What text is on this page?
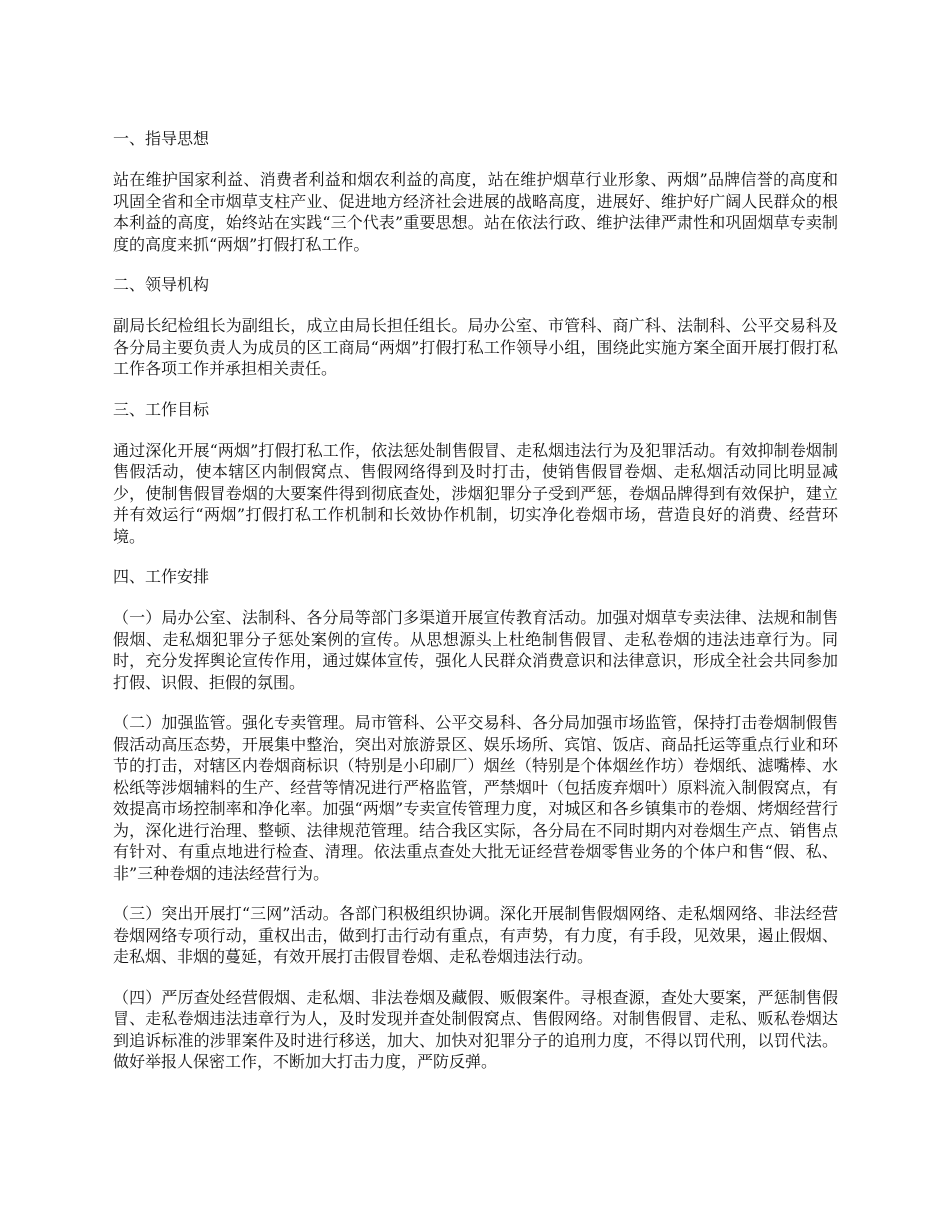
一、指导思想
站在维护国家利益、消费者利益和烟农利益的高度，站在维护烟草行业形象、两烟”品牌信誉的高度和巩固全省和全市烟草支柱产业、促进地方经济社会进展的战略高度，进展好、维护好广阔人民群众的根本利益的高度，始终站在实践“三个代表”重要思想。站在依法行政、维护法律严肃性和巩固烟草专卖制度的高度来抓“两烟”打假打私工作。
二、领导机构
副局长纪检组长为副组长，成立由局长担任组长。局办公室、市管科、商广科、法制科、公平交易科及各分局主要负责人为成员的区工商局“两烟”打假打私工作领导小组，围绕此实施方案全面开展打假打私工作各项工作并承担相关责任。
三、工作目标
通过深化开展“两烟”打假打私工作，依法惩处制售假冒、走私烟违法行为及犯罪活动。有效抑制卷烟制售假活动，使本辖区内制假窝点、售假网络得到及时打击，使销售假冒卷烟、走私烟活动同比明显减少，使制售假冒卷烟的大要案件得到彻底查处，涉烟犯罪分子受到严惩，卷烟品牌得到有效保护，建立并有效运行“两烟”打假打私工作机制和长效协作机制，切实净化卷烟市场，营造良好的消费、经营环境。
四、工作安排
（一）局办公室、法制科、各分局等部门多渠道开展宣传教育活动。加强对烟草专卖法律、法规和制售假烟、走私烟犯罪分子惩处案例的宣传。从思想源头上杜绝制售假冒、走私卷烟的违法违章行为。同时，充分发挥舆论宣传作用，通过媒体宣传，强化人民群众消费意识和法律意识，形成全社会共同参加打假、识假、拒假的氛围。
（二）加强监管。强化专卖管理。局市管科、公平交易科、各分局加强市场监管，保持打击卷烟制假售假活动高压态势，开展集中整治，突出对旅游景区、娱乐场所、宾馆、饭店、商品托运等重点行业和环节的打击，对辖区内卷烟商标识（特别是小印刷厂）烟丝（特别是个体烟丝作坊）卷烟纸、滤嘴棒、水松纸等涉烟辅料的生产、经营等情况进行严格监管，严禁烟叶（包括废弃烟叶）原料流入制假窝点，有效提高市场控制率和净化率。加强“两烟”专卖宣传管理力度，对城区和各乡镇集市的卷烟、烤烟经营行为，深化进行治理、整顿、法律规范管理。结合我区实际，各分局在不同时期内对卷烟生产点、销售点有针对、有重点地进行检查、清理。依法重点查处大批无证经营卷烟零售业务的个体户和售“假、私、非”三种卷烟的违法经营行为。
（三）突出开展打“三网”活动。各部门积极组织协调。深化开展制售假烟网络、走私烟网络、非法经营卷烟网络专项行动，重权出击，做到打击行动有重点，有声势，有力度，有手段，见效果，遏止假烟、走私烟、非烟的蔓延，有效开展打击假冒卷烟、走私卷烟违法行动。
（四）严厉查处经营假烟、走私烟、非法卷烟及藏假、贩假案件。寻根查源，查处大要案，严惩制售假冒、走私卷烟违法违章行为人，及时发现并查处制假窝点、售假网络。对制售假冒、走私、贩私卷烟达到追诉标准的涉罪案件及时进行移送，加大、加快对犯罪分子的追刑力度，不得以罚代刑，以罚代法。做好举报人保密工作，不断加大打击力度，严防反弹。
